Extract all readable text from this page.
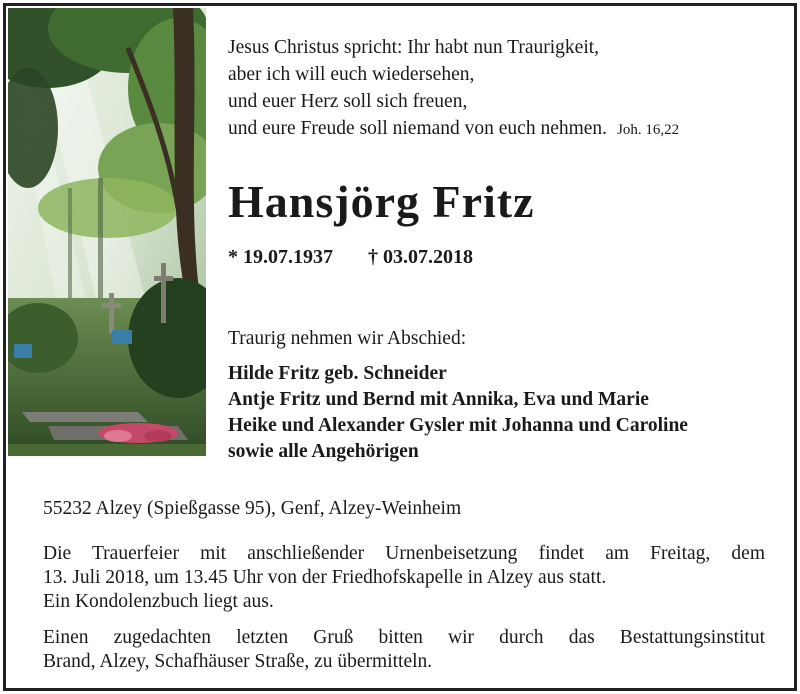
Jesus Christus spricht: Ihr habt nun Traurigkeit,
aber ich will euch wiedersehen,
und euer Herz soll sich freuen,
und eure Freude soll niemand von euch nehmen. Joh. 16,22
Hansjörg Fritz
* 19.07.1937 † 03.07.2018
Traurig nehmen wir Abschied:
Hilde Fritz geb. Schneider
Antje Fritz und Bernd mit Annika, Eva und Marie
Heike und Alexander Gysler mit Johanna und Caroline
sowie alle Angehörigen
55232 Alzey (Spießgasse 95), Genf, Alzey-Weinheim
Die Trauerfeier mit anschließender Urnenbeisetzung findet am Freitag, dem
13. Juli 2018, um 13.45 Uhr von der Friedhofskapelle in Alzey aus statt.
Ein Kondolenzbuch liegt aus.
Einen zugedachten letzten Gruß bitten wir durch das Bestattungsinstitut
Brand, Alzey, Schafhäuser Straße, zu übermitteln.
